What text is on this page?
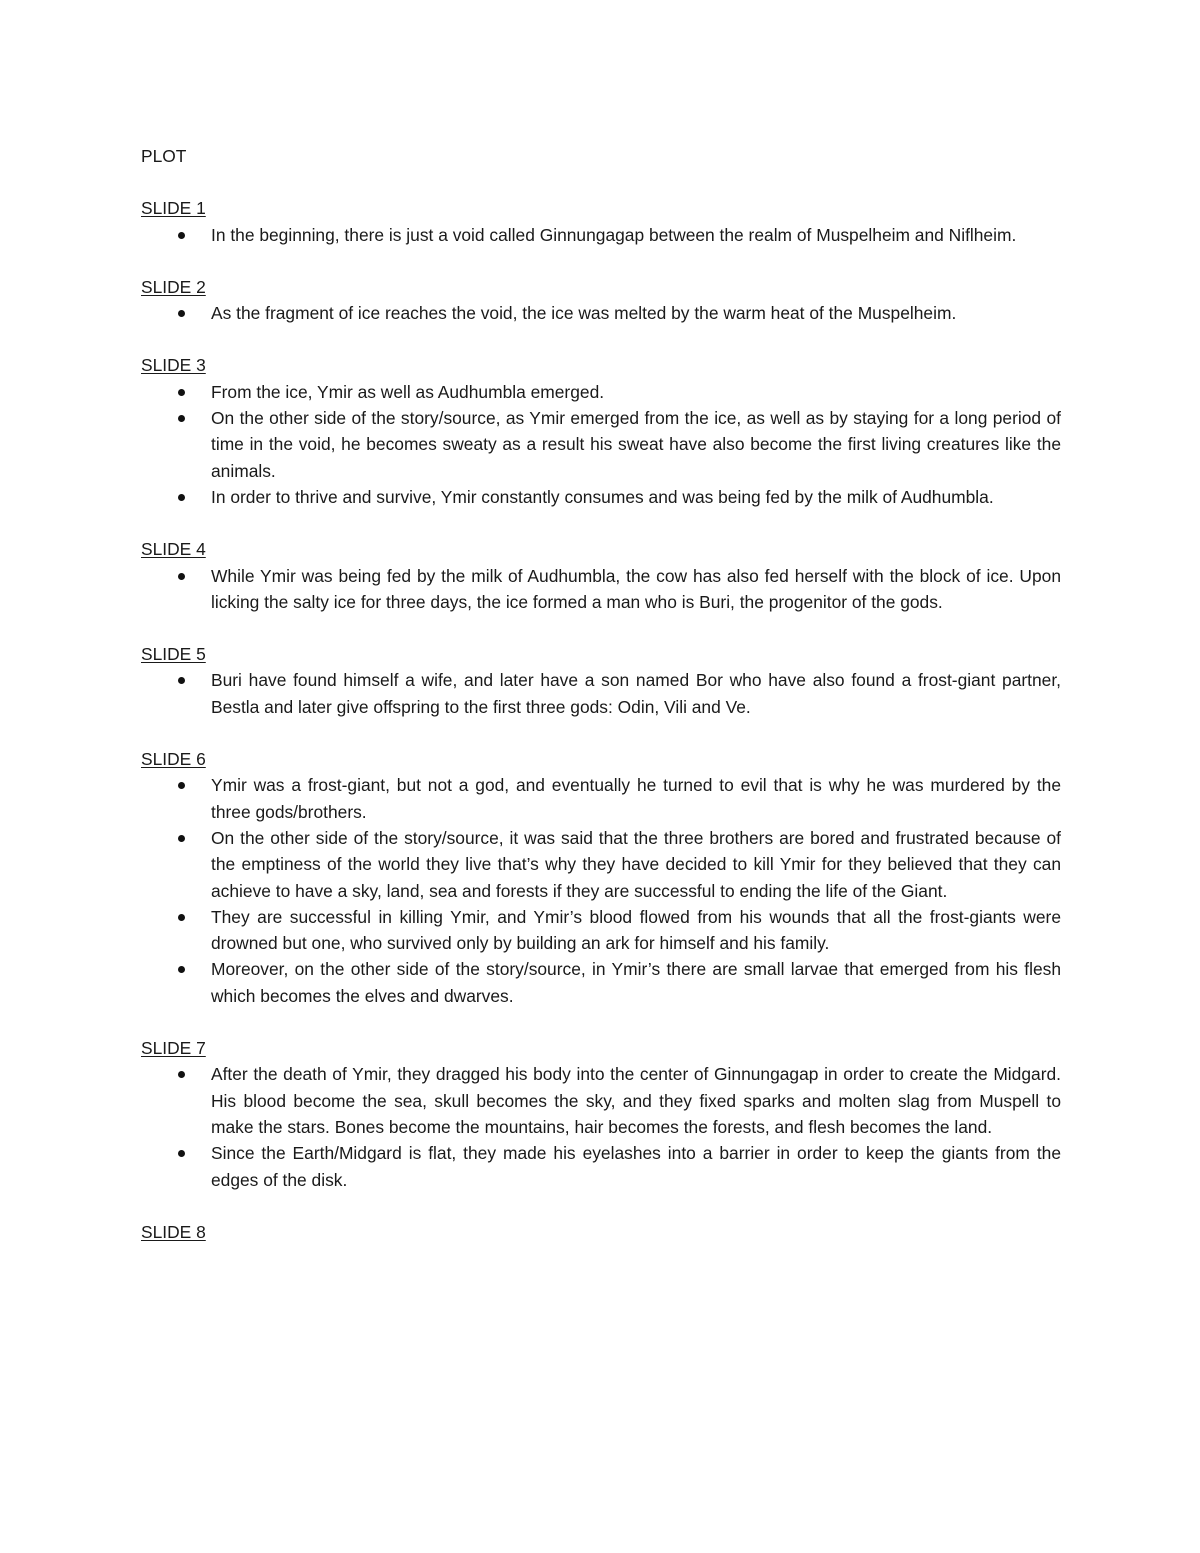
PLOT

SLIDE 1

In the beginning, there is just a void called Ginnungagap between the realm of Muspelheim and Niflheim.

SLIDE 2

As the fragment of ice reaches the void, the ice was melted by the warm heat of the Muspelheim.

SLIDE 3

From the ice, Ymir as well as Audhumbla emerged.
On the other side of the story/source, as Ymir emerged from the ice, as well as by staying for a long period of time in the void, he becomes sweaty as a result his sweat have also become the first living creatures like the animals.
In order to thrive and survive, Ymir constantly consumes and was being fed by the milk of Audhumbla.

SLIDE 4

While Ymir was being fed by the milk of Audhumbla, the cow has also fed herself with the block of ice. Upon licking the salty ice for three days, the ice formed a man who is Buri, the progenitor of the gods.

SLIDE 5

Buri have found himself a wife, and later have a son named Bor who have also found a frost-giant partner, Bestla and later give offspring to the first three gods: Odin, Vili and Ve.

SLIDE 6

Ymir was a frost-giant, but not a god, and eventually he turned to evil that is why he was murdered by the three gods/brothers.
On the other side of the story/source, it was said that the three brothers are bored and frustrated because of the emptiness of the world they live that’s why they have decided to kill Ymir for they believed that they can achieve to have a sky, land, sea and forests if they are successful to ending the life of the Giant.
They are successful in killing Ymir, and Ymir’s blood flowed from his wounds that all the frost-giants were drowned but one, who survived only by building an ark for himself and his family.
Moreover, on the other side of the story/source, in Ymir’s there are small larvae that emerged from his flesh which becomes the elves and dwarves.

SLIDE 7

After the death of Ymir, they dragged his body into the center of Ginnungagap in order to create the Midgard. His blood become the sea, skull becomes the sky, and they fixed sparks and molten slag from Muspell to make the stars. Bones become the mountains, hair becomes the forests, and flesh becomes the land.
Since the Earth/Midgard is flat, they made his eyelashes into a barrier in order to keep the giants from the edges of the disk.

SLIDE 8
